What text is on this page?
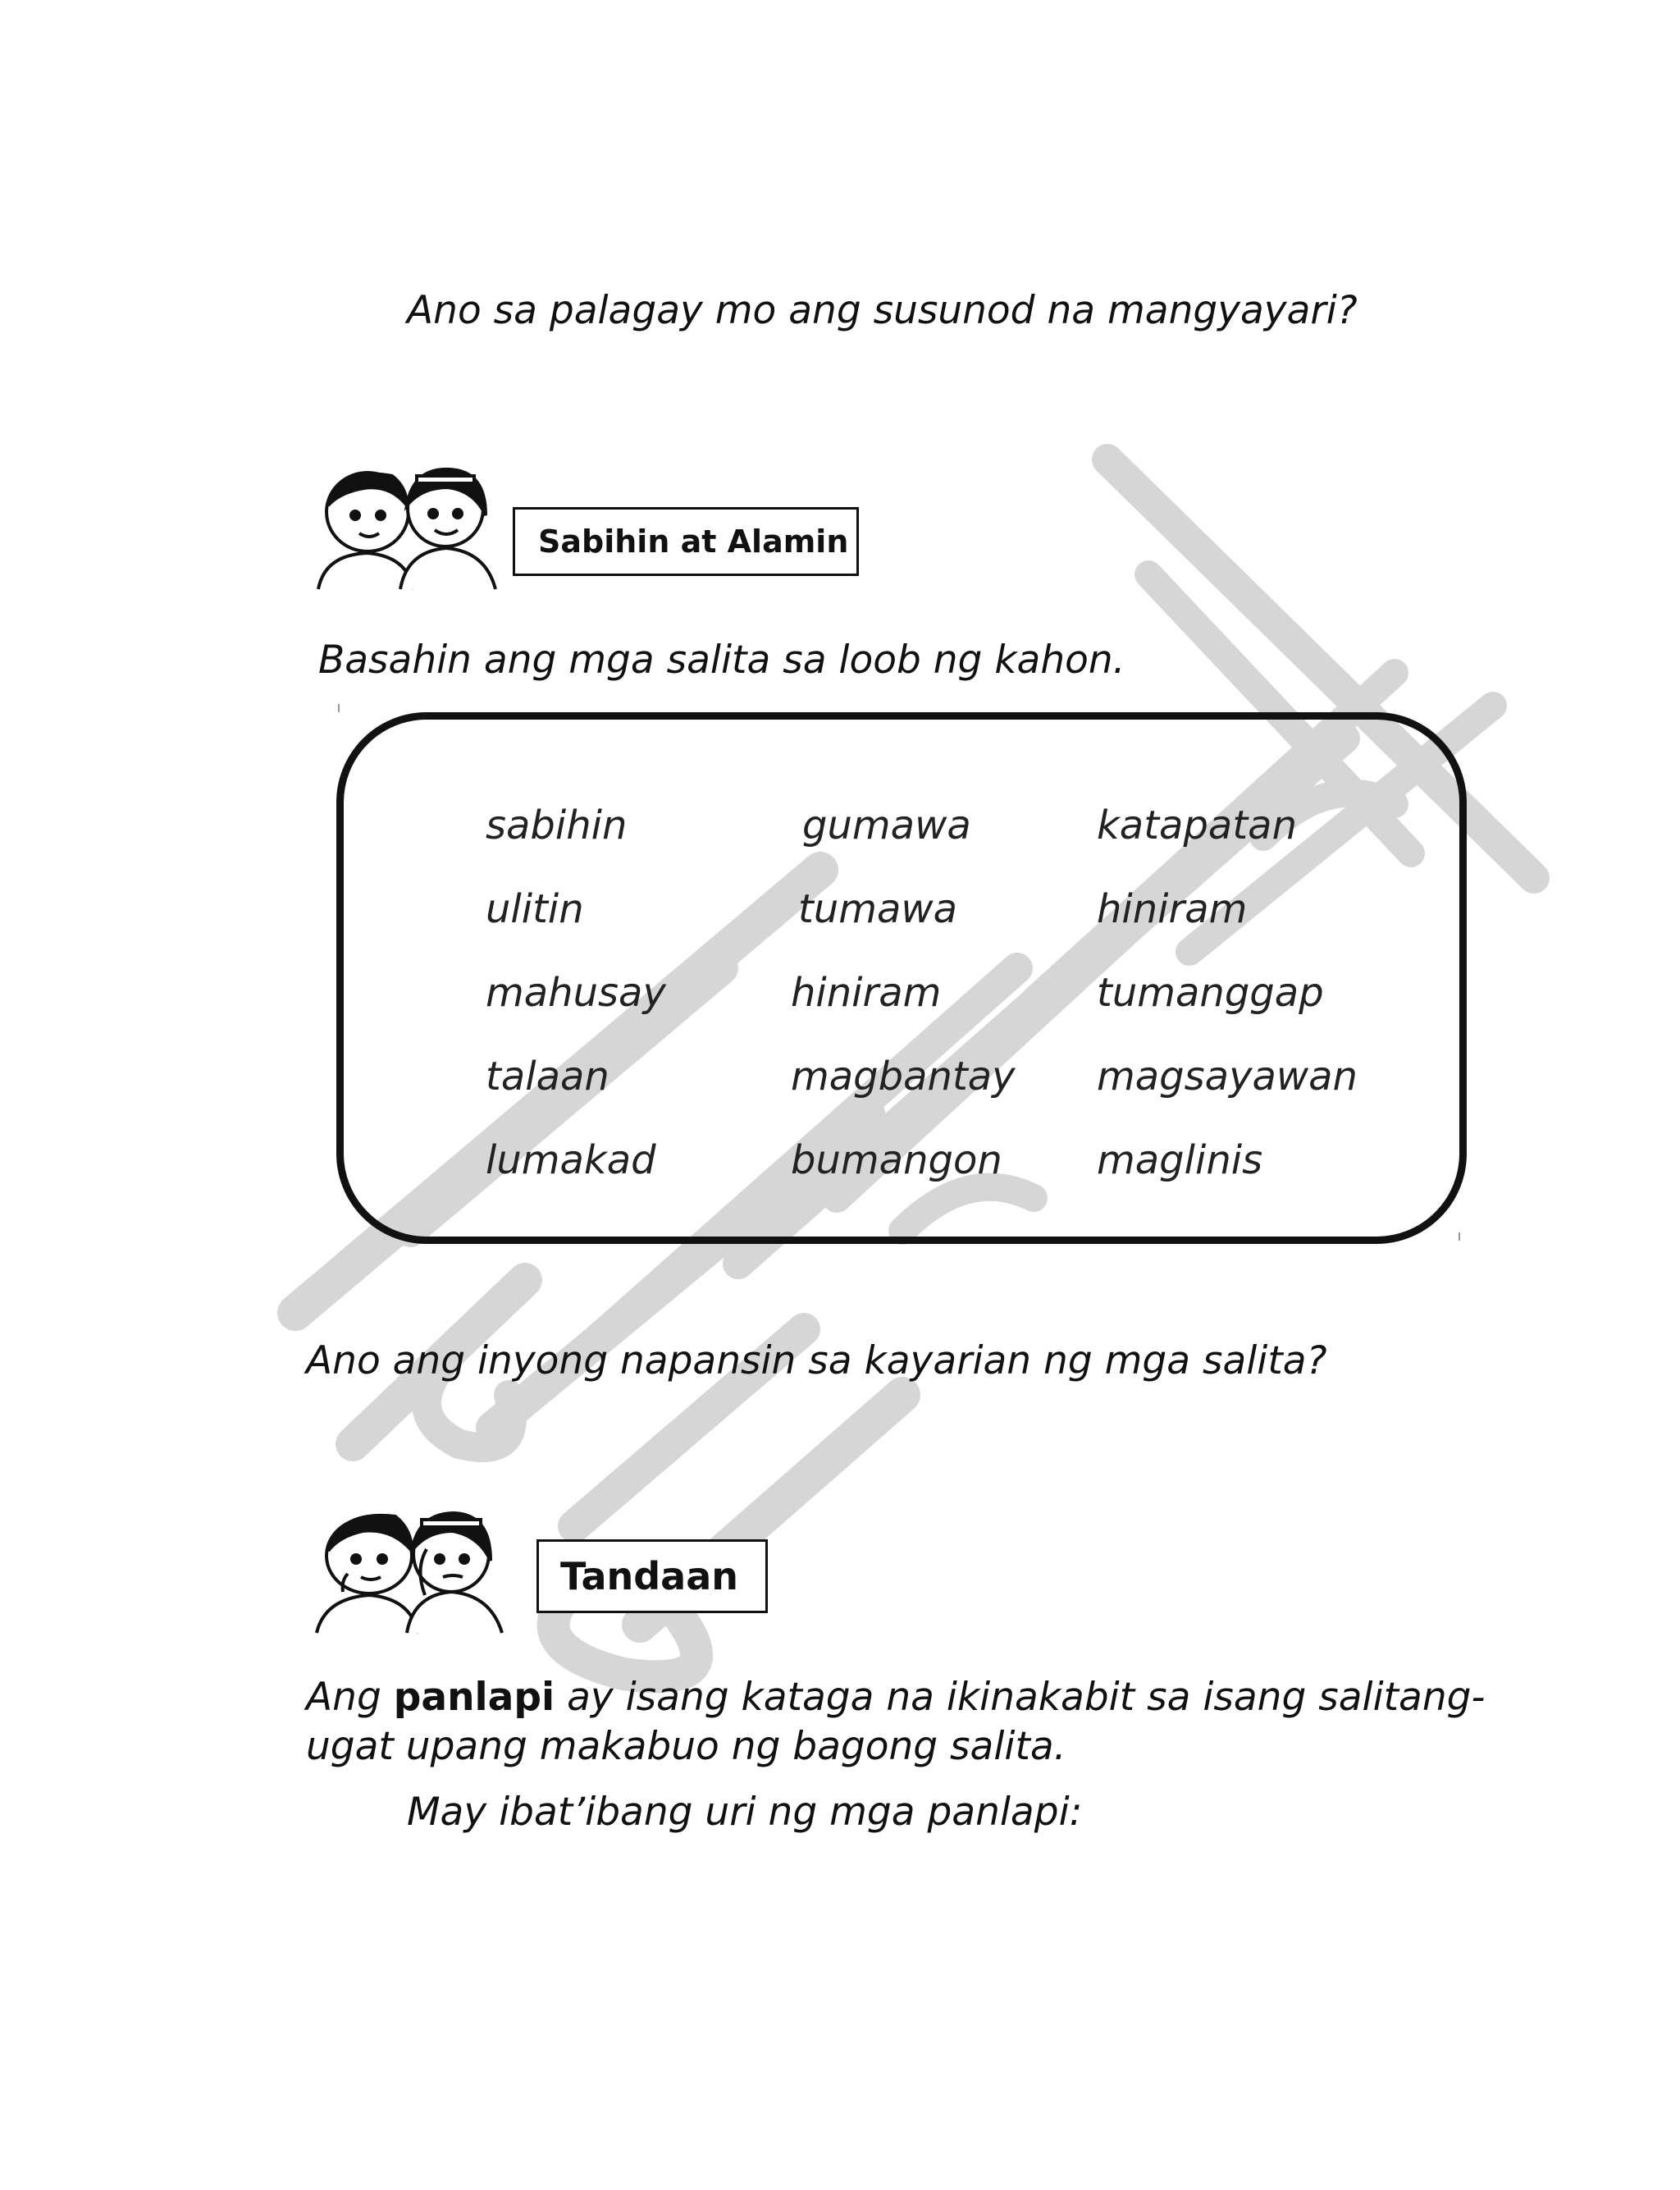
Ano sa palagay mo ang susunod na mangyayari?
Sabihin at Alamin
Basahin ang mga salita sa loob ng kahon.
sabihin
ulitin
mahusay
talaan
lumakad
gumawa
tumawa
hiniram
magbantay
bumangon
katapatan
hiniram
tumanggap
magsayawan
maglinis
Ano ang inyong napansin sa kayarian ng mga salita?
Tandaan
Ang panlapi ay isang kataga na ikinakabit sa isang salitang-
ugat upang makabuo ng bagong salita.
May ibat’ibang uri ng mga panlapi:
